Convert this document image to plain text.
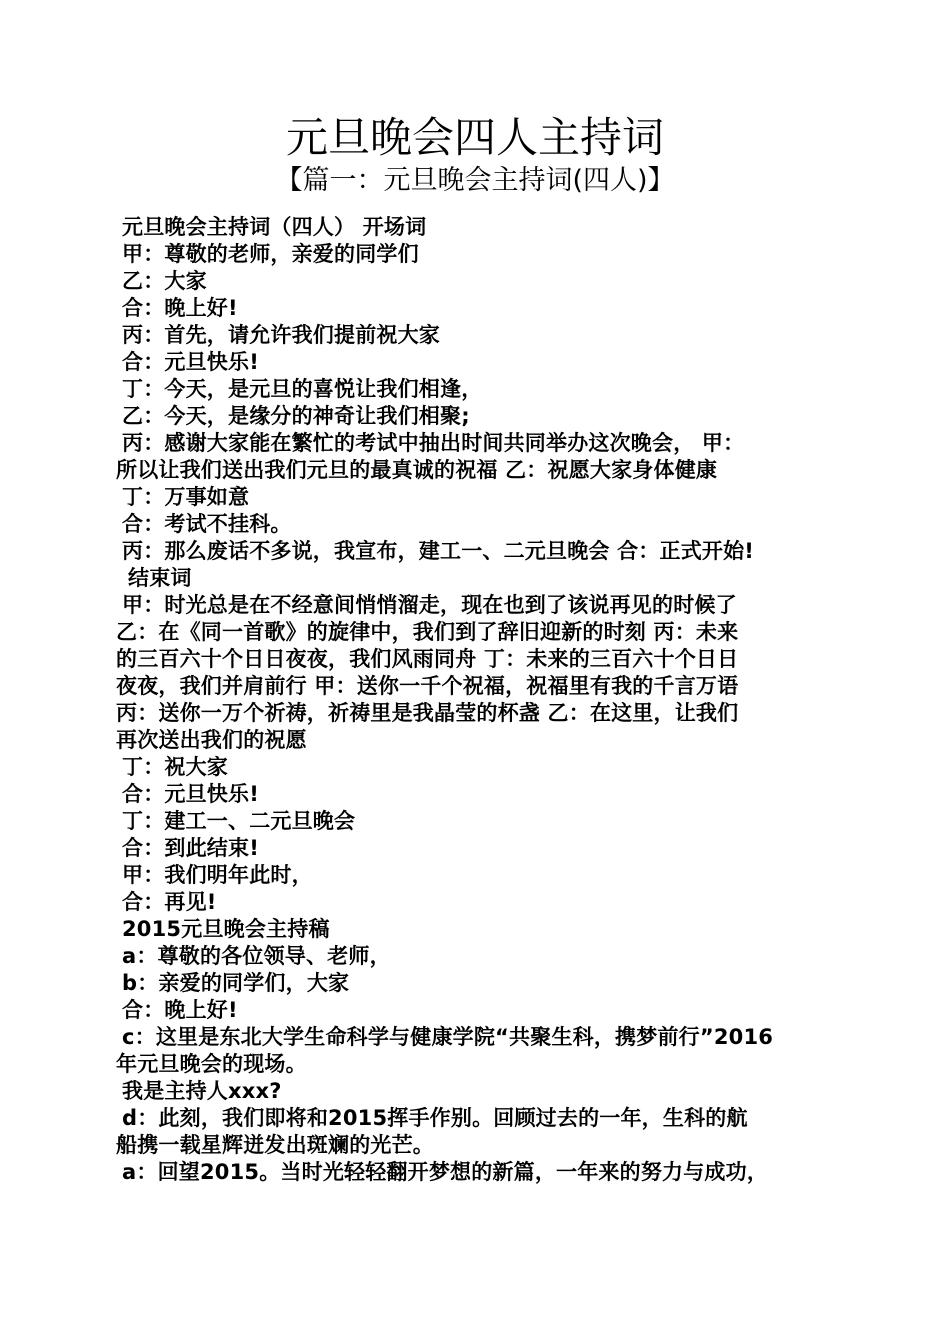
元旦晚会四人主持词
【篇一：元旦晚会主持词(四人)】
元旦晚会主持词（四人） 开场词
甲：尊敬的老师，亲爱的同学们
乙：大家
合：晚上好!
丙：首先，请允许我们提前祝大家
合：元旦快乐!
丁：今天，是元旦的喜悦让我们相逢，
乙：今天，是缘分的神奇让我们相聚;
丙：感谢大家能在繁忙的考试中抽出时间共同举办这次晚会， 甲：
所以让我们送出我们元旦的最真诚的祝福 乙：祝愿大家身体健康
丁：万事如意
合：考试不挂科。
丙：那么废话不多说，我宣布，建工一、二元旦晚会 合：正式开始!
结束词
甲：时光总是在不经意间悄悄溜走，现在也到了该说再见的时候了
乙：在《同一首歌》的旋律中，我们到了辞旧迎新的时刻 丙：未来
的三百六十个日日夜夜，我们风雨同舟 丁：未来的三百六十个日日
夜夜，我们并肩前行 甲：送你一千个祝福，祝福里有我的千言万语
丙：送你一万个祈祷，祈祷里是我晶莹的杯盏 乙：在这里，让我们
再次送出我们的祝愿
丁：祝大家
合：元旦快乐!
丁：建工一、二元旦晚会
合：到此结束!
甲：我们明年此时，
合：再见!
2015元旦晚会主持稿
a：尊敬的各位领导、老师，
b：亲爱的同学们，大家
合：晚上好!
c：这里是东北大学生命科学与健康学院“共聚生科，携梦前行”2016
年元旦晚会的现场。
我是主持人xxx?
d：此刻，我们即将和2015挥手作别。回顾过去的一年，生科的航
船携一载星辉迸发出斑斓的光芒。
a：回望2015。当时光轻轻翻开梦想的新篇，一年来的努力与成功，
